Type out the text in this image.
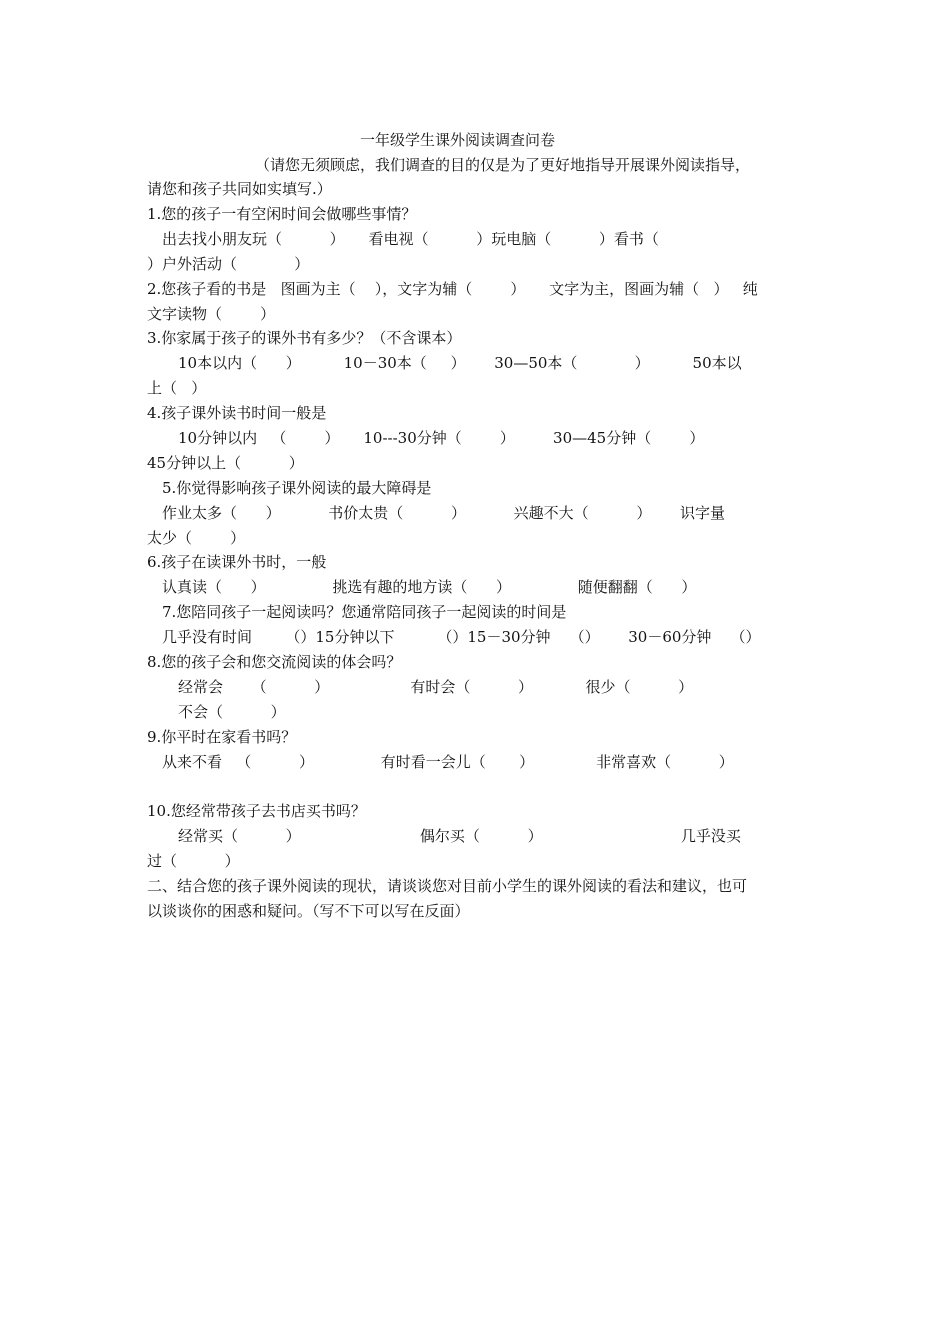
一年级学生课外阅读调查问卷
（请您无须顾虑，我们调查的目的仅是为了更好地指导开展课外阅读指导，
请您和孩子共同如实填写.）
1.您的孩子一有空闲时间会做哪些事情？
出去找小朋友玩（          ）     看电视（          ）玩电脑（          ）看书（
）户外活动（            ）
2.您孩子看的书是   图画为主（    ），文字为辅（        ）     文字为主，图画为辅（   ）   纯
文字读物（        ）
3.你家属于孩子的课外书有多少？（不含课本）
10本以内（      ）         10－30本（     ）      30—50本（            ）         50本以
上（   ）
4.孩子课外读书时间一般是
10分钟以内   （        ）     10---30分钟（        ）        30—45分钟（        ）
45分钟以上（          ）
5.你觉得影响孩子课外阅读的最大障碍是
作业太多（      ）          书价太贵（          ）          兴趣不大（          ）      识字量
太少（        ）
6.孩子在读课外书时，一般
认真读（      ）              挑选有趣的地方读（      ）              随便翻翻（      ）
7.您陪同孩子一起阅读吗？您通常陪同孩子一起阅读的时间是
几乎没有时间       （）15分钟以下         （）15－30分钟    （）      30－60分钟    （）
8.您的孩子会和您交流阅读的体会吗？
经常会      （          ）                 有时会（          ）           很少（          ）
不会（          ）
9.你平时在家看书吗？
从来不看   （          ）              有时看一会儿（       ）             非常喜欢（          ）
10.您经常带孩子去书店买书吗？
经常买（          ）                         偶尔买（          ）                             几乎没买
过（          ）
二、结合您的孩子课外阅读的现状，请谈谈您对目前小学生的课外阅读的看法和建议，也可
以谈谈你的困惑和疑问。（写不下可以写在反面）
